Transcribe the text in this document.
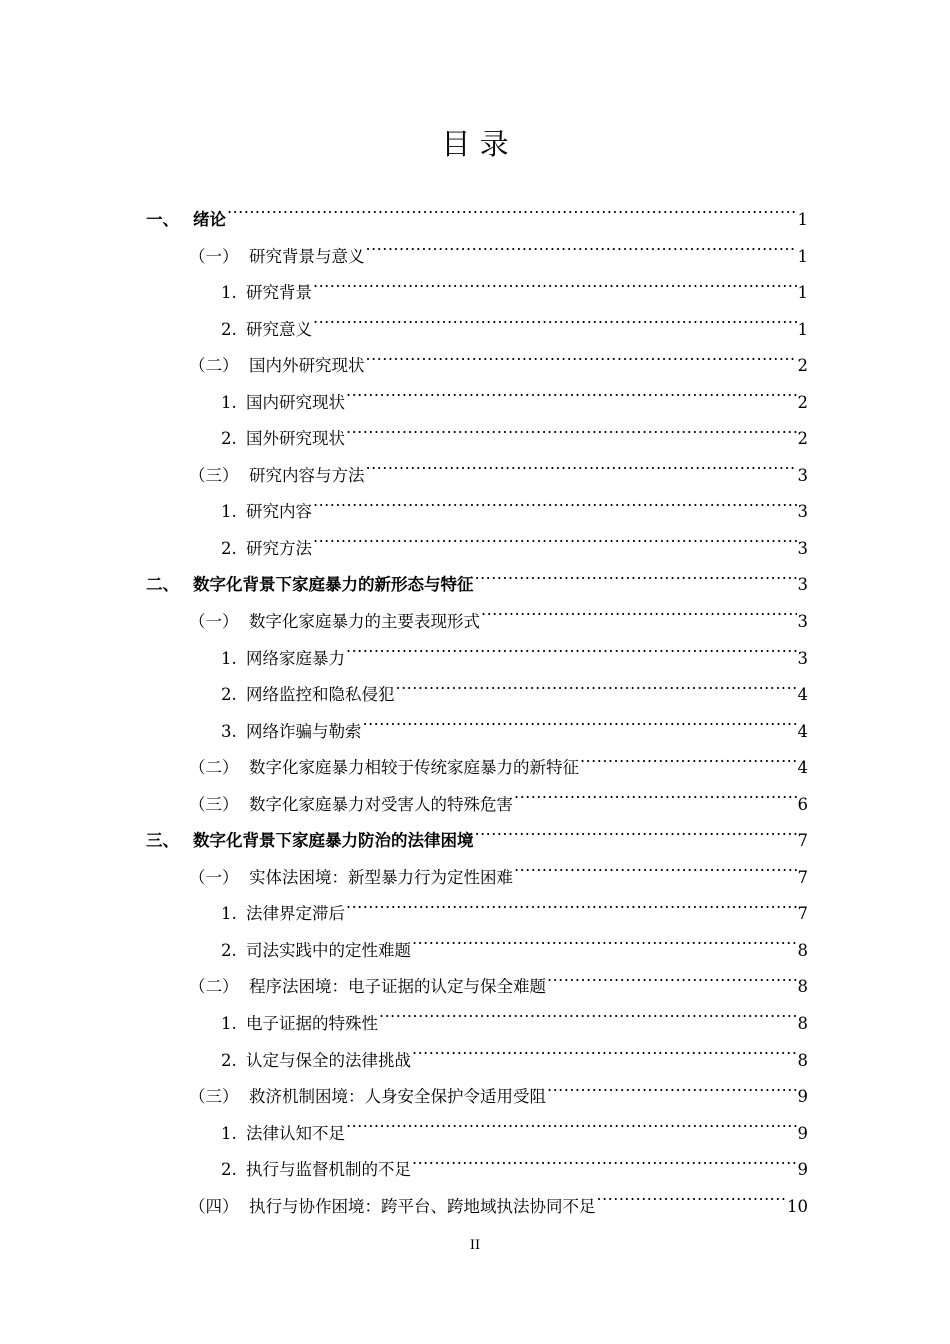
目 录
一、 绪论 .....	1
（一） 研究背景与意义 .....	1
1. 研究背景 .....	1
2. 研究意义 .....	1
（二） 国内外研究现状 .....	2
1. 国内研究现状 .....	2
2. 国外研究现状 .....	2
（三） 研究内容与方法 .....	3
1. 研究内容 .....	3
2. 研究方法 .....	3
二、 数字化背景下家庭暴力的新形态与特征 .....	3
（一） 数字化家庭暴力的主要表现形式 .....	3
1. 网络家庭暴力 .....	3
2. 网络监控和隐私侵犯 .....	4
3. 网络诈骗与勒索 .....	4
（二） 数字化家庭暴力相较于传统家庭暴力的新特征 .....	4
（三） 数字化家庭暴力对受害人的特殊危害 .....	6
三、 数字化背景下家庭暴力防治的法律困境 .....	7
（一） 实体法困境：新型暴力行为定性困难 .....	7
1. 法律界定滞后 .....	7
2. 司法实践中的定性难题 .....	8
（二） 程序法困境：电子证据的认定与保全难题 .....	8
1. 电子证据的特殊性 .....	8
2. 认定与保全的法律挑战 .....	8
（三） 救济机制困境：人身安全保护令适用受阻 .....	9
1. 法律认知不足 .....	9
2. 执行与监督机制的不足 .....	9
（四） 执行与协作困境：跨平台、跨地域执法协同不足 .....	10
II
